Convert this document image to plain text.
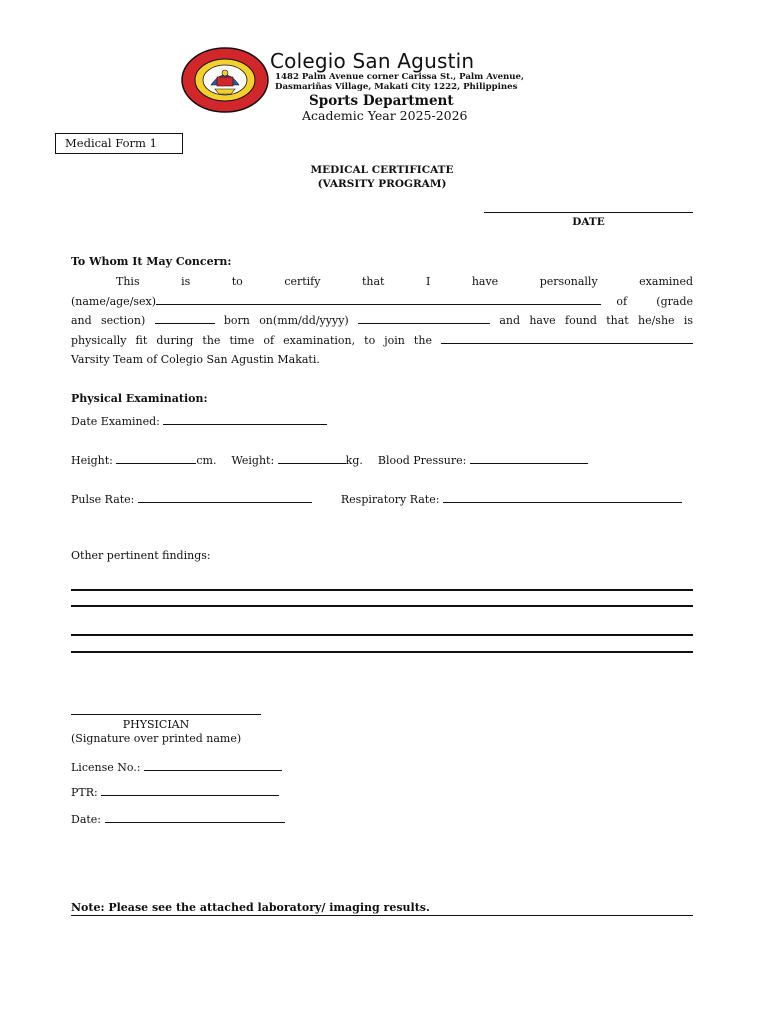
Colegio San Agustin
1482 Palm Avenue corner Carissa St., Palm Avenue,
Dasmariñas Village, Makati City 1222, Philippines
Sports Department
Academic Year 2025-2026
Medical Form 1
MEDICAL CERTIFICATE
(VARSITY PROGRAM)
DATE
To Whom It May Concern:
This	is	to	certify	that	I	have	personally	examined
(name/age/sex)	of (grade
and section)	born on(mm/dd/yyyy)	and have found that he/she is
physically fit during the time of examination, to join the
Varsity Team of Colegio San Agustin Makati.
Physical Examination:
Date Examined:
Height:	cm. Weight:	kg. Blood Pressure:
Pulse Rate:	Respiratory Rate:
Other pertinent findings:
PHYSICIAN
(Signature over printed name)
License No.:
PTR:
Date:
Note: Please see the attached laboratory/ imaging results.
